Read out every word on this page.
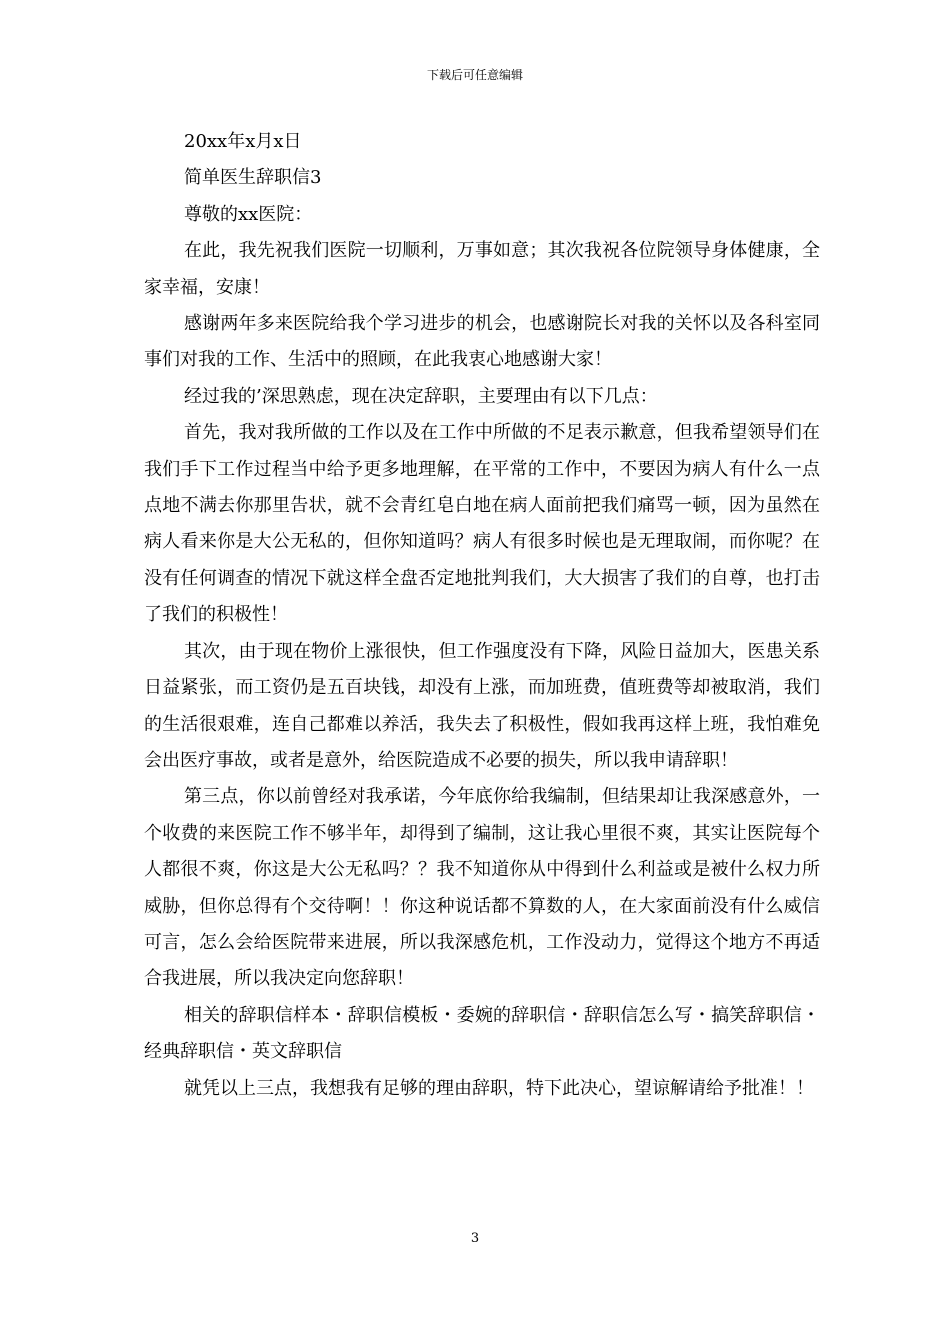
下载后可任意编辑

20xx年x月x日

简单医生辞职信3

尊敬的xx医院：

在此，我先祝我们医院一切顺利，万事如意；其次我祝各位院领导身体健康，全家幸福，安康！

感谢两年多来医院给我个学习进步的机会，也感谢院长对我的关怀以及各科室同事们对我的工作、生活中的照顾，在此我衷心地感谢大家！

经过我的’深思熟虑，现在决定辞职，主要理由有以下几点：

首先，我对我所做的工作以及在工作中所做的不足表示歉意，但我希望领导们在我们手下工作过程当中给予更多地理解，在平常的工作中，不要因为病人有什么一点点地不满去你那里告状，就不会青红皂白地在病人面前把我们痛骂一顿，因为虽然在病人看来你是大公无私的，但你知道吗？病人有很多时候也是无理取闹，而你呢？在没有任何调查的情况下就这样全盘否定地批判我们，大大损害了我们的自尊，也打击了我们的积极性！

其次，由于现在物价上涨很快，但工作强度没有下降，风险日益加大，医患关系日益紧张，而工资仍是五百块钱，却没有上涨，而加班费，值班费等却被取消，我们的生活很艰难，连自己都难以养活，我失去了积极性，假如我再这样上班，我怕难免会出医疗事故，或者是意外，给医院造成不必要的损失，所以我申请辞职！

第三点，你以前曾经对我承诺，今年底你给我编制，但结果却让我深感意外，一个收费的来医院工作不够半年，却得到了编制，这让我心里很不爽，其实让医院每个人都很不爽，你这是大公无私吗？？我不知道你从中得到什么利益或是被什么权力所威胁，但你总得有个交待啊！！你这种说话都不算数的人，在大家面前没有什么威信可言，怎么会给医院带来进展，所以我深感危机，工作没动力，觉得这个地方不再适合我进展，所以我决定向您辞职！

相关的辞职信样本・辞职信模板・委婉的辞职信・辞职信怎么写・搞笑辞职信・经典辞职信・英文辞职信

就凭以上三点，我想我有足够的理由辞职，特下此决心，望谅解请给予批准！！

3
